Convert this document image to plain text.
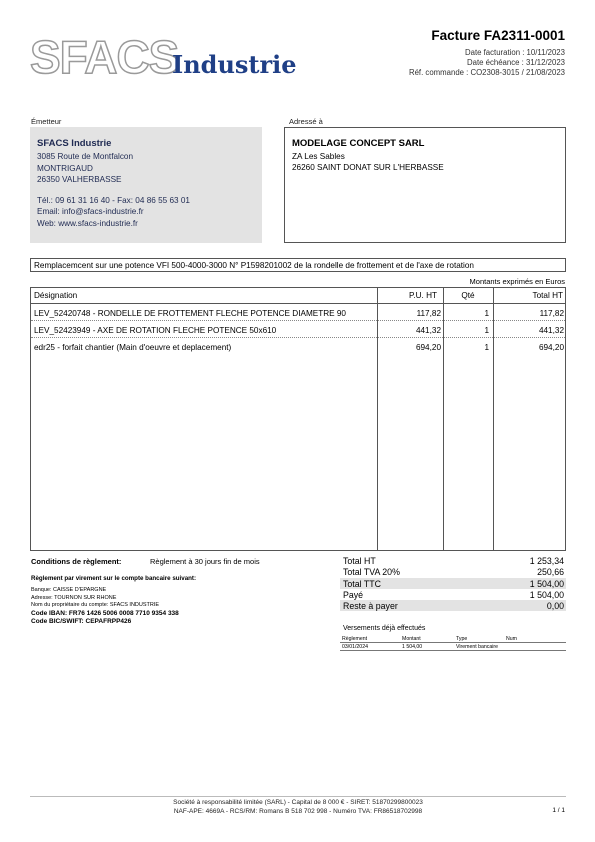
SFACS
Industrie
Facture FA2311-0001
Date facturation : 10/11/2023
Date échéance : 31/12/2023
Réf. commande : CO2308-3015 / 21/08/2023
Émetteur	Adressé à
SFACS Industrie
3085 Route de Montfalcon
MONTRIGAUD
26350 VALHERBASSE
Tél.: 09 61 31 16 40 - Fax: 04 86 55 63 01
Email: info@sfacs-industrie.fr
Web: www.sfacs-industrie.fr
MODELAGE CONCEPT SARL
ZA Les Sables
26260 SAINT DONAT SUR L'HERBASSE
Remplacemcent sur une potence VFI 500-4000-3000 N° P1598201002 de la rondelle de frottement et de l'axe de rotation
Montants exprimés en Euros
Désignation	P.U. HT	Qté	Total HT
LEV_52420748 - RONDELLE DE FROTTEMENT FLECHE POTENCE DIAMETRE 90	117,82	1	117,82
LEV_52423949 - AXE DE ROTATION FLECHE POTENCE 50x610	441,32	1	441,32
edr25 - forfait chantier (Main d'oeuvre et deplacement)	694,20	1	694,20
Conditions de règlement:	Règlement à 30 jours fin de mois
Règlement par virement sur le compte bancaire suivant:
Banque: CAISSE D'EPARGNE
Adresse: TOURNON SUR RHONE
Nom du propriétaire du compte: SFACS INDUSTRIE
Code IBAN: FR76 1426 5006 0008 7710 9354 338
Code BIC/SWIFT: CEPAFRPP426
Total HT	1 253,34
Total TVA 20%	250,66
Total TTC	1 504,00
Payé	1 504,00
Reste à payer	0,00
Versements déjà effectués
Règlement	Montant	Type	Num
03/01/2024	1 504,00	Virement bancaire
Société à responsabilité limitée (SARL) - Capital de 8 000 € - SIRET: 51870299800023
NAF-APE: 4669A - RCS/RM: Romans B 518 702 998 - Numéro TVA: FR86518702998	1 / 1
